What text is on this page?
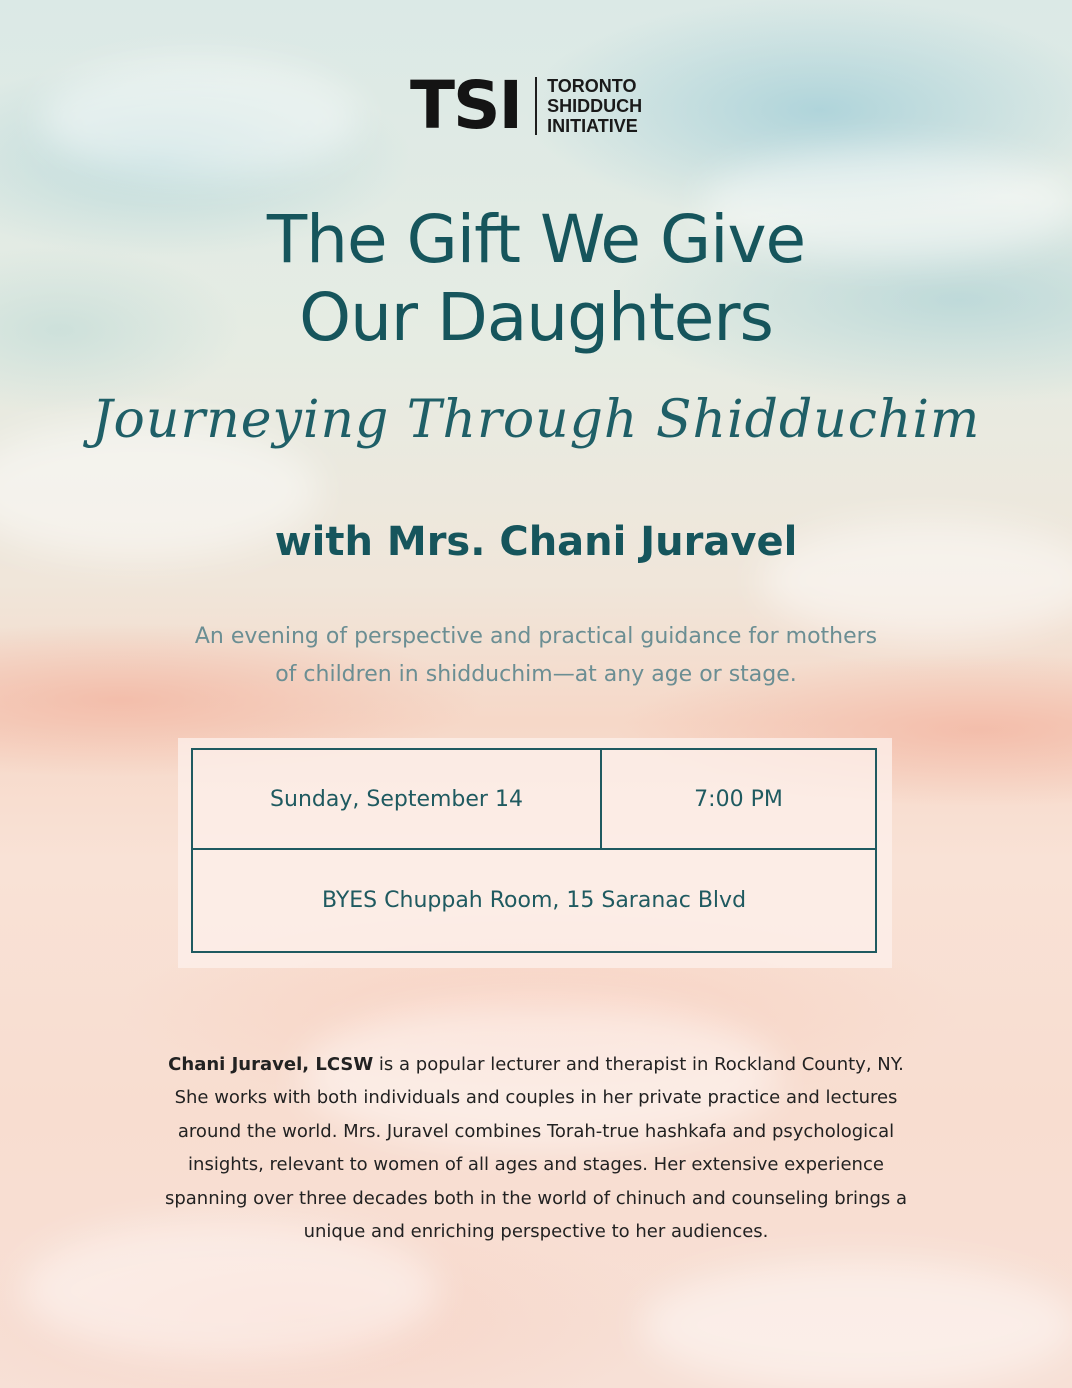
TSI TORONTO
SHIDDUCH
INITIATIVE
The Gift We Give
Our Daughters
Journeying Through Shidduchim
with Mrs. Chani Juravel
An evening of perspective and practical guidance for mothers
of children in shidduchim—at any age or stage.
Sunday, September 14	7:00 PM
BYES Chuppah Room, 15 Saranac Blvd
Chani Juravel, LCSW is a popular lecturer and therapist in Rockland County, NY. She works with both individuals and couples in her private practice and lectures around the world. Mrs. Juravel combines Torah-true hashkafa and psychological insights, relevant to women of all ages and stages. Her extensive experience spanning over three decades both in the world of chinuch and counseling brings a unique and enriching perspective to her audiences.
